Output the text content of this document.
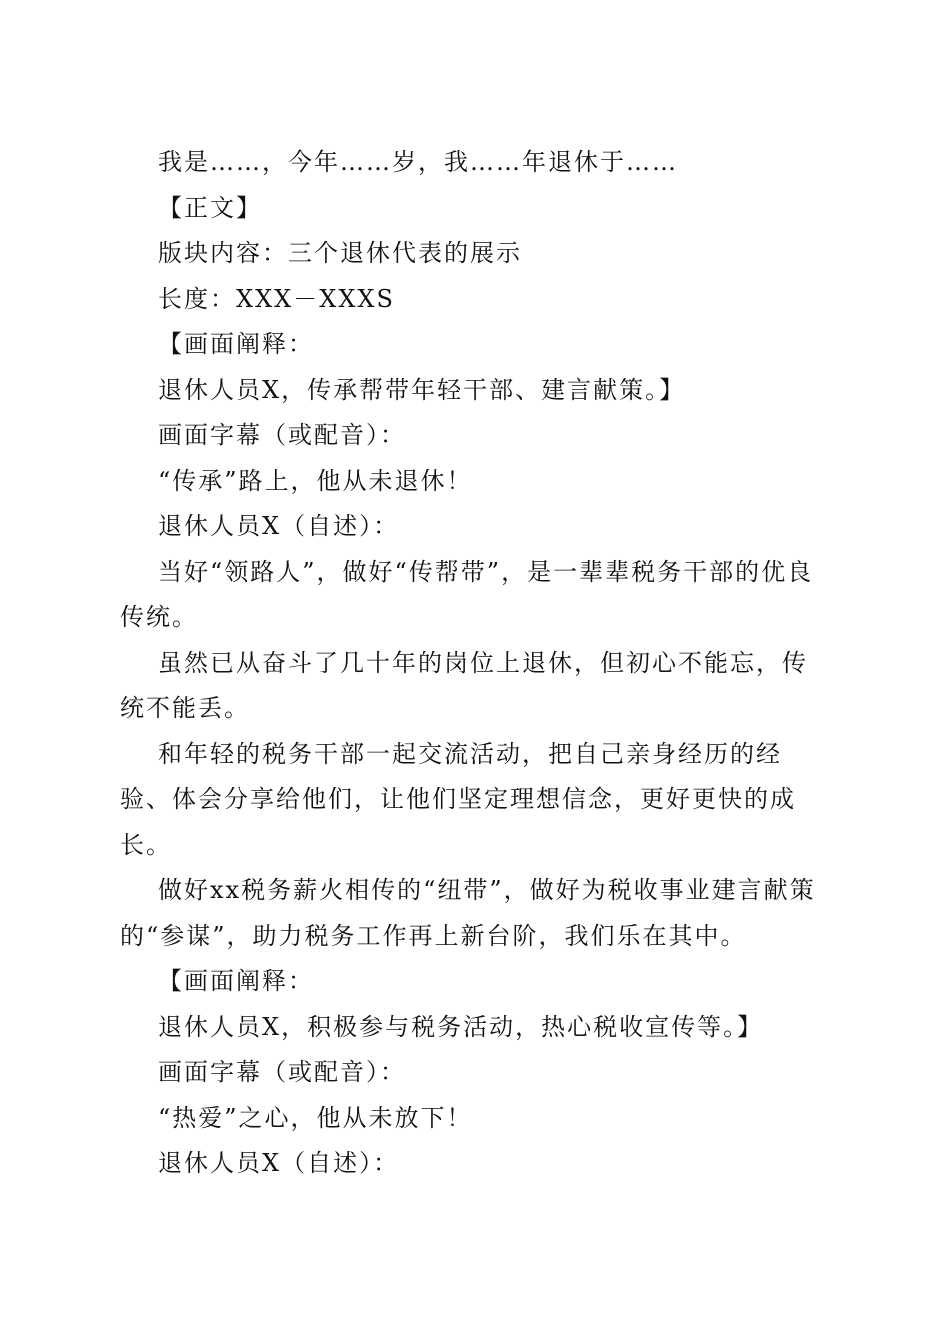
我是……，今年……岁，我……年退休于……

【正文】

版块内容：三个退休代表的展示

长度：XXX－XXXS

【画面阐释：

退休人员X，传承帮带年轻干部、建言献策。】

画面字幕（或配音）：

“传承”路上，他从未退休！

退休人员X（自述）：

当好“领路人”，做好“传帮带”，是一辈辈税务干部的优良传统。

虽然已从奋斗了几十年的岗位上退休，但初心不能忘，传统不能丢。

和年轻的税务干部一起交流活动，把自己亲身经历的经验、体会分享给他们，让他们坚定理想信念，更好更快的成长。

做好xx税务薪火相传的“纽带”，做好为税收事业建言献策的“参谋”，助力税务工作再上新台阶，我们乐在其中。

【画面阐释：

退休人员X，积极参与税务活动，热心税收宣传等。】

画面字幕（或配音）：

“热爱”之心，他从未放下！

退休人员X（自述）：
